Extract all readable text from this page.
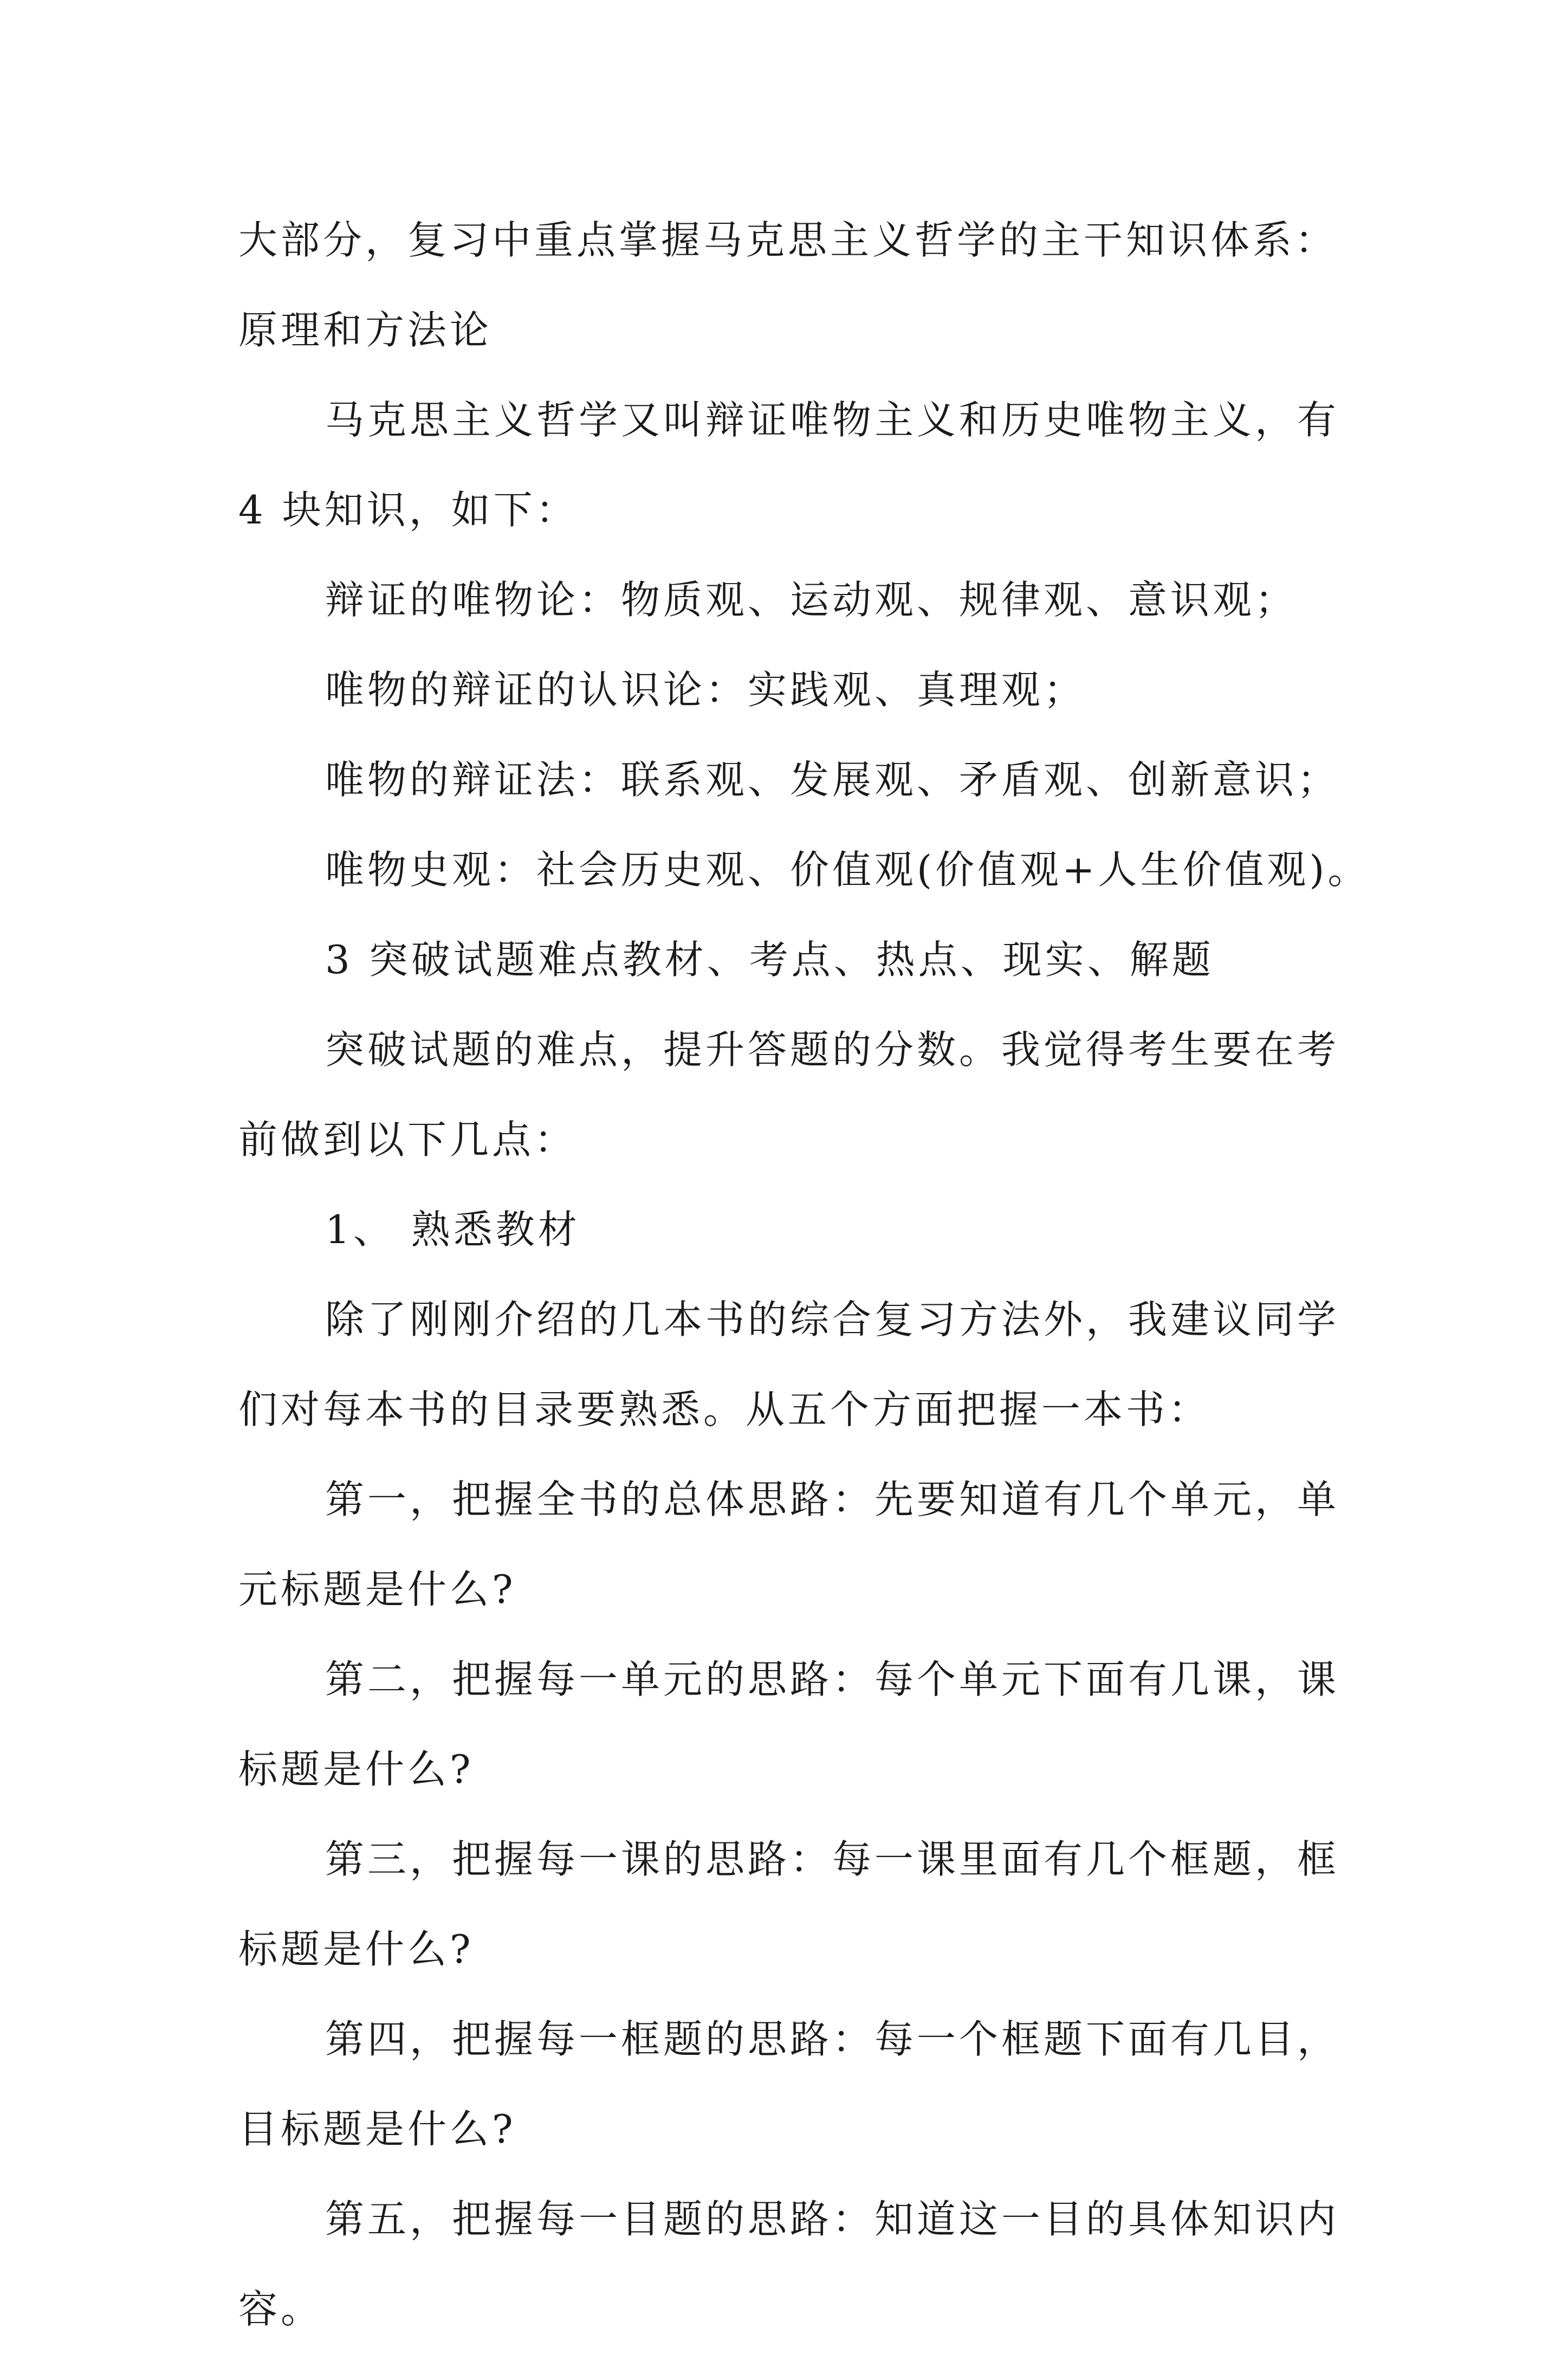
大部分，复习中重点掌握马克思主义哲学的主干知识体系：
原理和方法论
马克思主义哲学又叫辩证唯物主义和历史唯物主义，有
4 块知识，如下：
辩证的唯物论：物质观、运动观、规律观、意识观；
唯物的辩证的认识论：实践观、真理观；
唯物的辩证法：联系观、发展观、矛盾观、创新意识；
唯物史观：社会历史观、价值观(价值观+人生价值观)。
3 突破试题难点教材、考点、热点、现实、解题
突破试题的难点，提升答题的分数。我觉得考生要在考
前做到以下几点：
1、 熟悉教材
除了刚刚介绍的几本书的综合复习方法外，我建议同学
们对每本书的目录要熟悉。从五个方面把握一本书：
第一，把握全书的总体思路：先要知道有几个单元，单
元标题是什么?
第二，把握每一单元的思路：每个单元下面有几课，课
标题是什么?
第三，把握每一课的思路：每一课里面有几个框题，框
标题是什么?
第四，把握每一框题的思路：每一个框题下面有几目，
目标题是什么?
第五，把握每一目题的思路：知道这一目的具体知识内
容。
